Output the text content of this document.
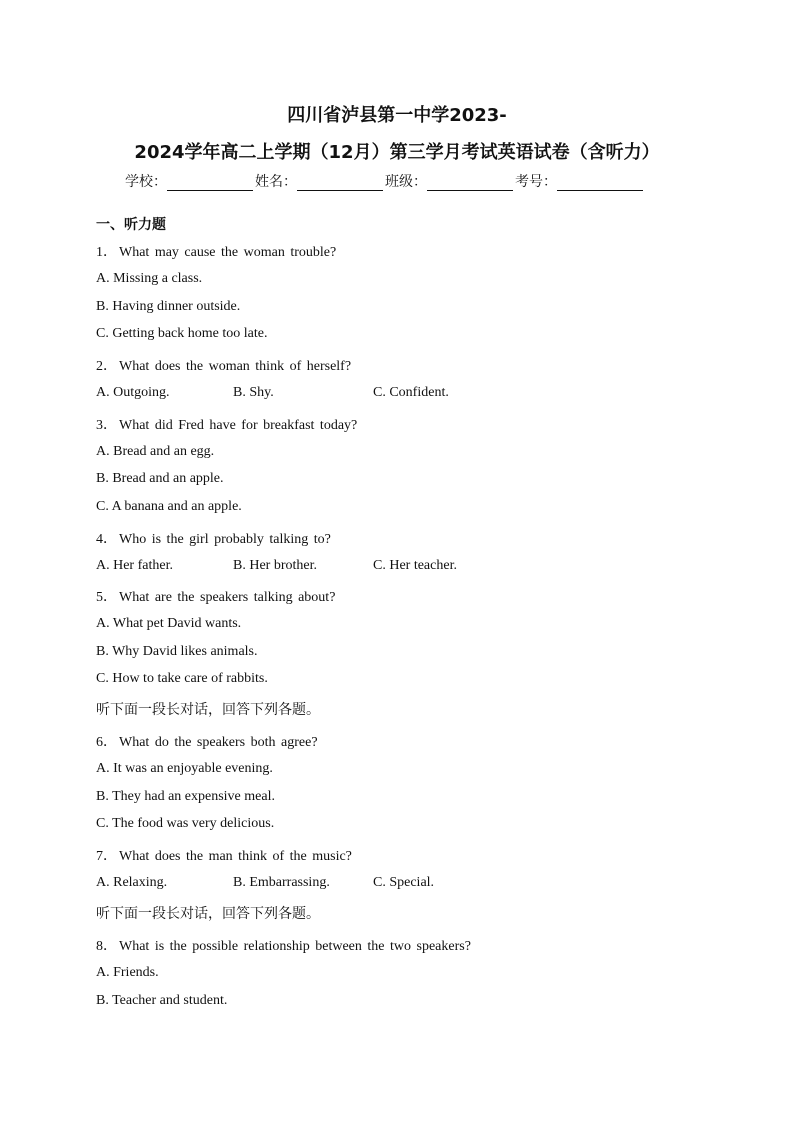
四川省泸县第一中学2023-
2024学年高二上学期（12月）第三学月考试英语试卷（含听力）
学校：	姓名：	班级：	考号：
一、听力题
1． What may cause the woman trouble?
A. Missing a class.
B. Having dinner outside.
C. Getting back home too late.
2． What does the woman think of herself?
A. Outgoing.	B. Shy.	C. Confident.
3． What did Fred have for breakfast today?
A. Bread and an egg.
B. Bread and an apple.
C. A banana and an apple.
4． Who is the girl probably talking to?
A. Her father.	B. Her brother.	C. Her teacher.
5． What are the speakers talking about?
A. What pet David wants.
B. Why David likes animals.
C. How to take care of rabbits.
听下面一段长对话，回答下列各题。
6． What do the speakers both agree?
A. It was an enjoyable evening.
B. They had an expensive meal.
C. The food was very delicious.
7． What does the man think of the music?
A. Relaxing.	B. Embarrassing.	C. Special.
听下面一段长对话，回答下列各题。
8． What is the possible relationship between the two speakers?
A. Friends.
B. Teacher and student.
